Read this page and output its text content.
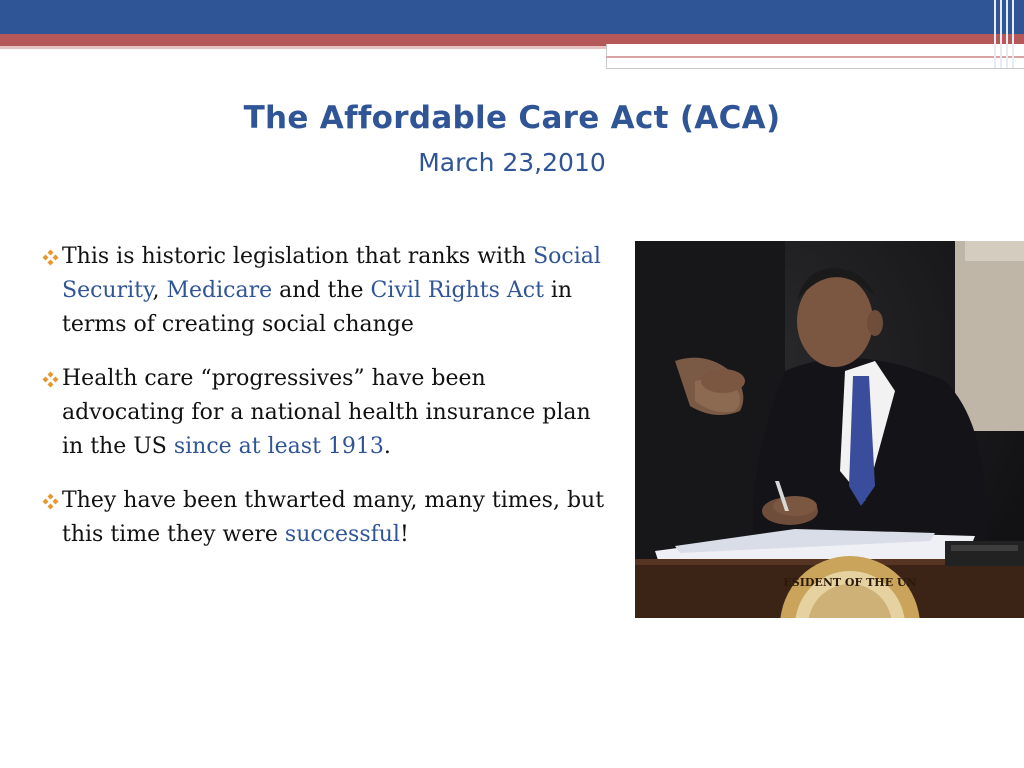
The Affordable Care Act (ACA)
March 23,2010
This is historic legislation that ranks with Social Security, Medicare and the Civil Rights Act in terms of creating social change
Health care “progressives” have been advocating for a national health insurance plan in the US since at least 1913.
They have been thwarted many, many times, but this time they were successful!
ESIDENT OF THE UN
